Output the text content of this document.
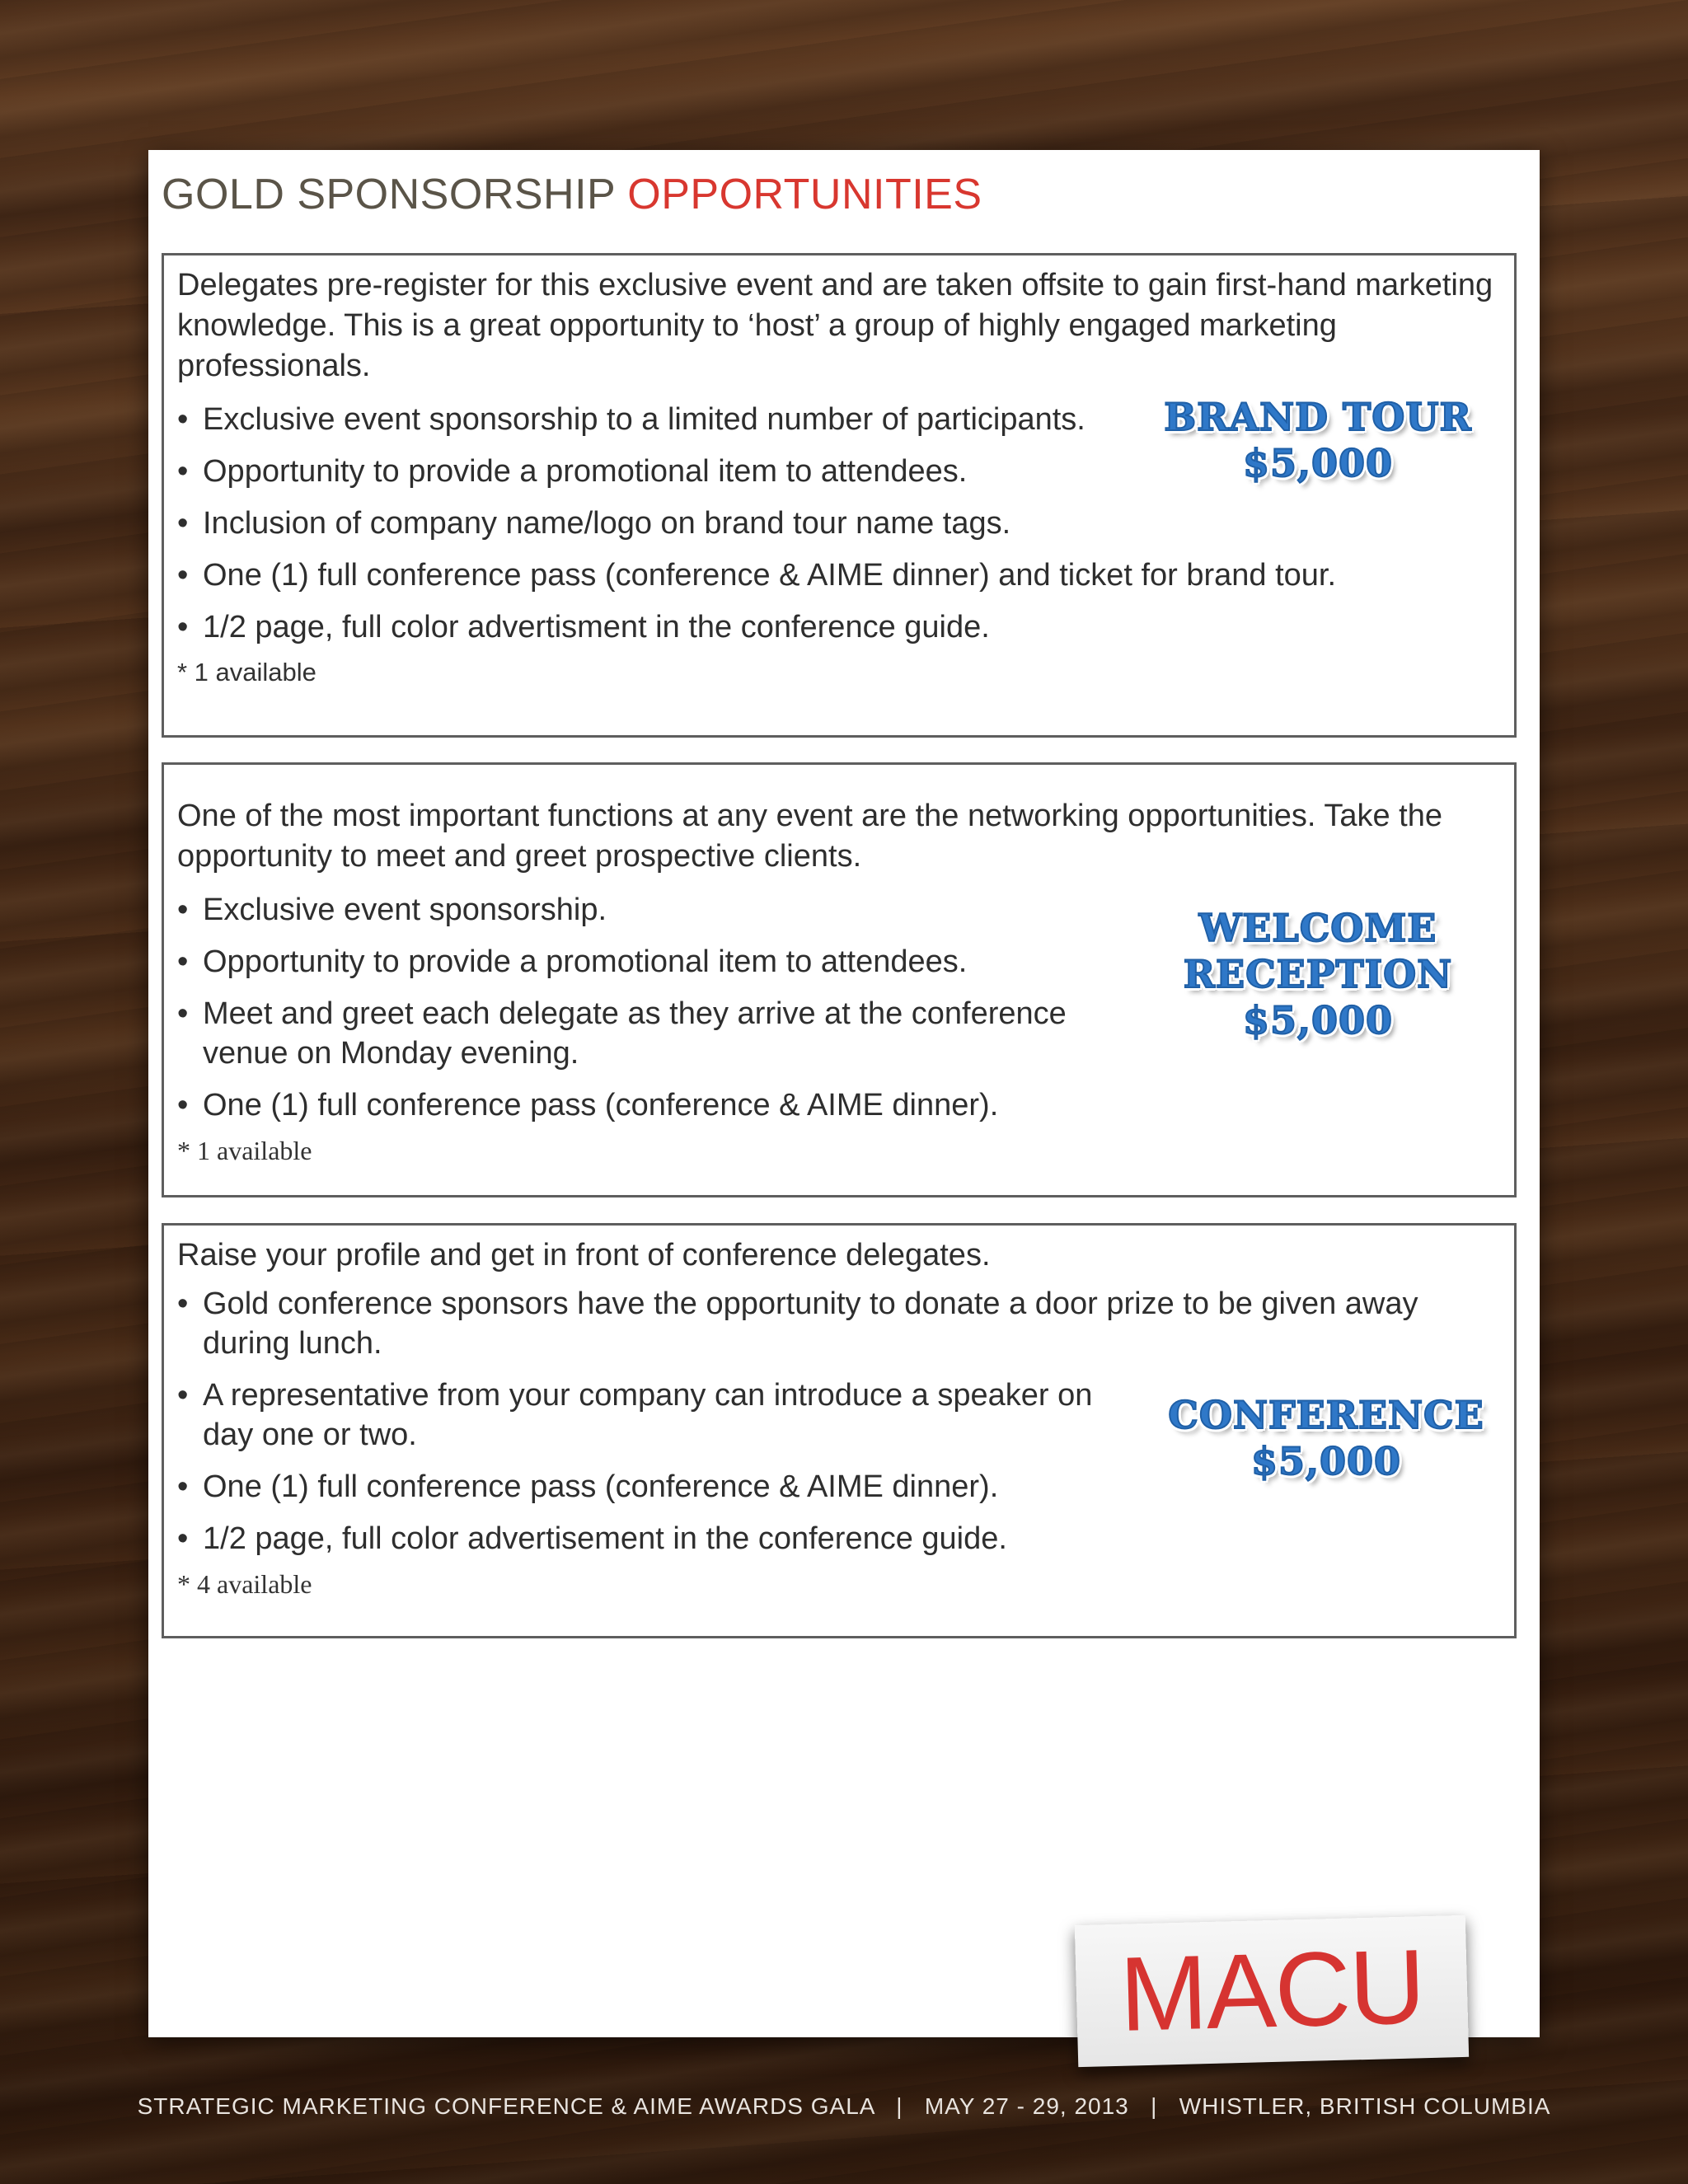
GOLD SPONSORSHIP OPPORTUNITIES

Delegates pre-register for this exclusive event and are taken offsite to gain first-hand marketing knowledge. This is a great opportunity to ‘host’ a group of highly engaged marketing professionals.

• Exclusive event sponsorship to a limited number of participants.
• Opportunity to provide a promotional item to attendees.
• Inclusion of company name/logo on brand tour name tags.
• One (1) full conference pass (conference & AIME dinner) and ticket for brand tour.
• 1/2 page, full color advertisment in the conference guide.
* 1 available
BRAND TOUR
$5,000

One of the most important functions at any event are the networking opportunities. Take the opportunity to meet and greet prospective clients.

• Exclusive event sponsorship.
• Opportunity to provide a promotional item to attendees.
• Meet and greet each delegate as they arrive at the conference venue on Monday evening.
• One (1) full conference pass (conference & AIME dinner).
* 1 available
WELCOME
RECEPTION
$5,000

Raise your profile and get in front of conference delegates.

• Gold conference sponsors have the opportunity to donate a door prize to be given away during lunch.
• A representative from your company can introduce a speaker on day one or two.
• One (1) full conference pass (conference & AIME dinner).
• 1/2 page, full color advertisement in the conference guide.
* 4 available
CONFERENCE
$5,000
MACU
STRATEGIC MARKETING CONFERENCE & AIME AWARDS GALA   |   MAY 27 - 29, 2013   |   WHISTLER, BRITISH COLUMBIA
